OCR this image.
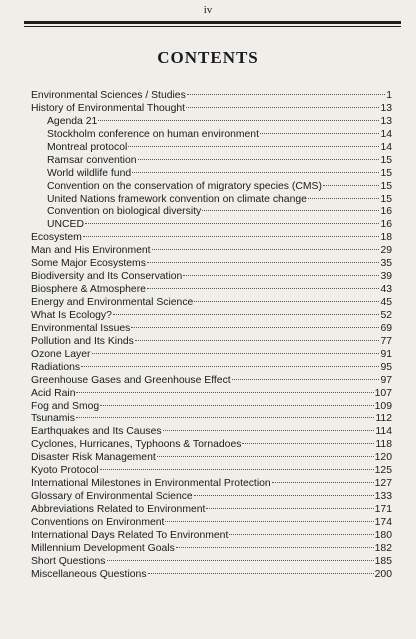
iv
CONTENTS
Environmental Sciences / Studies	1
History of Environmental Thought	13
Agenda 21	13
Stockholm conference on human environment	14
Montreal protocol	14
Ramsar convention	15
World wildlife fund	15
Convention on the conservation of migratory species (CMS)	15
United Nations framework convention on climate change	15
Convention on biological diversity	16
UNCED	16
Ecosystem	18
Man and His Environment	29
Some Major Ecosystems	35
Biodiversity and Its Conservation	39
Biosphere & Atmosphere	43
Energy and Environmental Science	45
What Is Ecology?	52
Environmental Issues	69
Pollution and Its Kinds	77
Ozone Layer	91
Radiations	95
Greenhouse Gases and Greenhouse Effect	97
Acid Rain	107
Fog and Smog	109
Tsunamis	112
Earthquakes and Its Causes	114
Cyclones, Hurricanes, Typhoons & Tornadoes	118
Disaster Risk Management	120
Kyoto Protocol	125
International Milestones in Environmental Protection	127
Glossary of Environmental Science	133
Abbreviations Related to Environment	171
Conventions on Environment	174
International Days Related To Environment	180
Millennium Development Goals	182
Short Questions	185
Miscellaneous Questions	200
